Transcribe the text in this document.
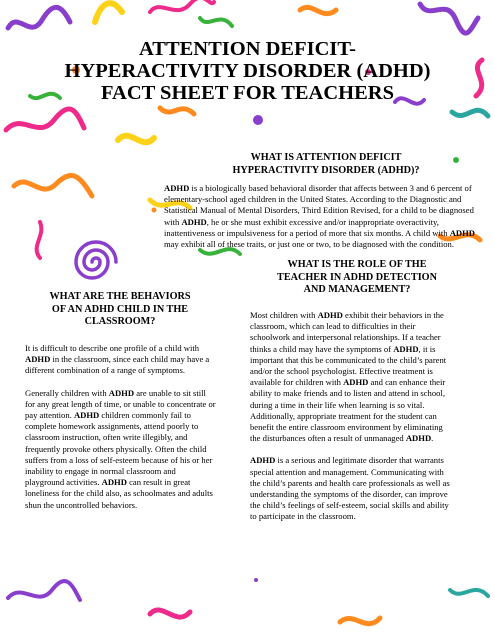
ATTENTION DEFICIT-
HYPERACTIVITY DISORDER (ADHD)
FACT SHEET FOR TEACHERS
WHAT IS ATTENTION DEFICIT
HYPERACTIVITY DISORDER (ADHD)?

ADHD is a biologically based behavioral disorder that affects between 3 and 6 percent of elementary-school aged children in the United States. According to the Diagnostic and Statistical Manual of Mental Disorders, Third Edition Revised, for a child to be diagnosed with ADHD, he or she must exhibit excessive and/or inappropriate overactivity, inattentiveness or impulsiveness for a period of more that six months. A child with ADHD may exhibit all of these traits, or just one or two, to be diagnosed with the condition.

WHAT ARE THE BEHAVIORS
OF AN ADHD CHILD IN THE
CLASSROOM?

It is difficult to describe one profile of a child with ADHD in the classroom, since each child may have a different combination of a range of symptoms.

Generally children with ADHD are unable to sit still for any great length of time, or unable to concentrate or pay attention. ADHD children commonly fail to complete homework assignments, attend poorly to classroom instruction, often write illegibly, and frequently provoke others physically. Often the child suffers from a loss of self-esteem because of his or her inability to engage in normal classroom and playground activities. ADHD can result in great loneliness for the child also, as schoolmates and adults shun the uncontrolled behaviors.

WHAT IS THE ROLE OF THE
TEACHER IN ADHD DETECTION
AND MANAGEMENT?

Most children with ADHD exhibit their behaviors in the classroom, which can lead to difficulties in their schoolwork and interpersonal relationships. If a teacher thinks a child may have the symptoms of ADHD, it is important that this be communicated to the child’s parent and/or the school psychologist. Effective treatment is available for children with ADHD and can enhance their ability to make friends and to listen and attend in school, during a time in their life when learning is so vital. Additionally, appropriate treatment for the student can benefit the entire classroom environment by eliminating the disturbances often a result of unmanaged ADHD.

ADHD is a serious and legitimate disorder that warrants special attention and management. Communicating with the child’s parents and health care professionals as well as understanding the symptoms of the disorder, can improve the child’s feelings of self-esteem, social skills and ability to participate in the classroom.
